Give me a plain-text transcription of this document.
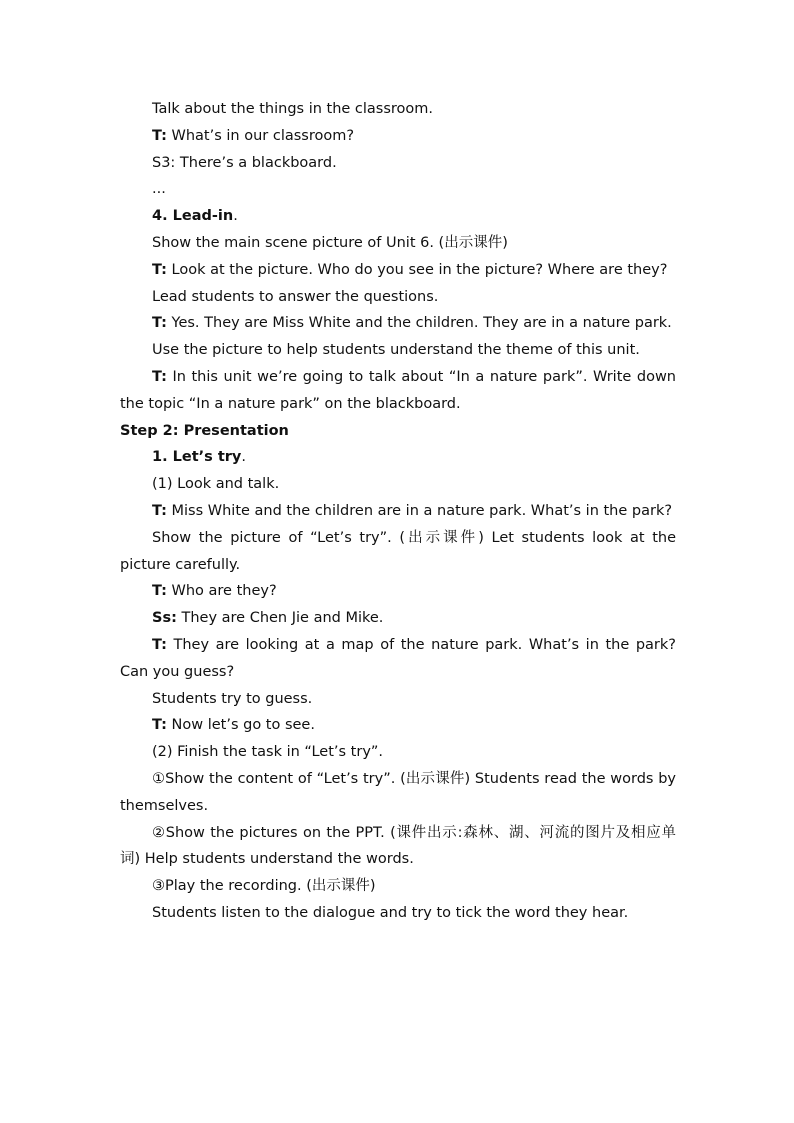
Talk about the things in the classroom.

T: What’s in our classroom?

S3: There’s a blackboard.

...

4. Lead-in.

Show the main scene picture of Unit 6. (出示课件)

T: Look at the picture. Who do you see in the picture? Where are they?

Lead students to answer the questions.

T: Yes. They are Miss White and the children. They are in a nature park.

Use the picture to help students understand the theme of this unit.

T: In this unit we’re going to talk about “In a nature park”. Write down the topic “In a nature park” on the blackboard.

Step 2: Presentation

1. Let’s try.

(1) Look and talk.

T: Miss White and the children are in a nature park. What’s in the park?

Show the picture of “Let’s try”. (出示课件) Let students look at the picture carefully.

T: Who are they?

Ss: They are Chen Jie and Mike.

T: They are looking at a map of the nature park. What’s in the park? Can you guess?

Students try to guess.

T: Now let’s go to see.

(2) Finish the task in “Let’s try”.

①Show the content of “Let’s try”. (出示课件) Students read the words by themselves.

②Show the pictures on the PPT. (课件出示:森林、湖、河流的图片及相应单词) Help students understand the words.

③Play the recording. (出示课件)

Students listen to the dialogue and try to tick the word they hear.
